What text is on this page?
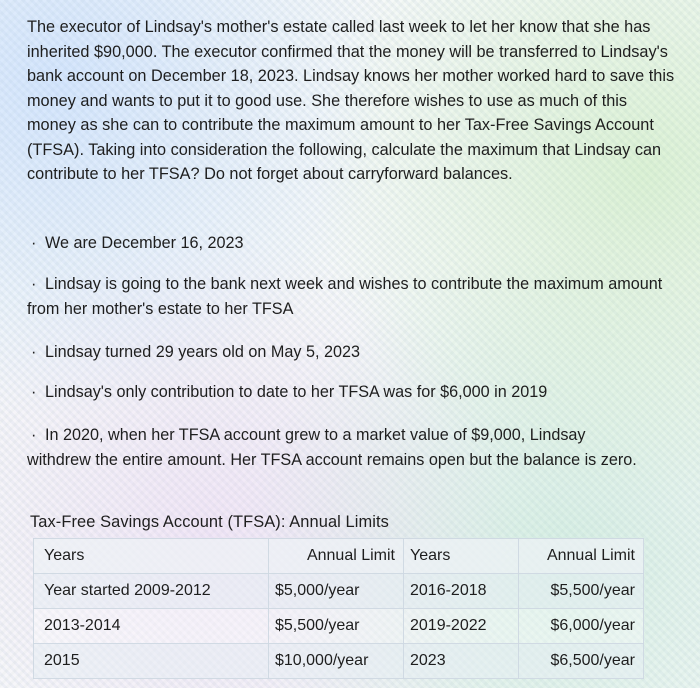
The executor of Lindsay's mother's estate called last week to let her know that she has inherited $90,000. The executor confirmed that the money will be transferred to Lindsay's bank account on December 18, 2023. Lindsay knows her mother worked hard to save this money and wants to put it to good use. She therefore wishes to use as much of this money as she can to contribute the maximum amount to her Tax-Free Savings Account (TFSA). Taking into consideration the following, calculate the maximum that Lindsay can contribute to her TFSA? Do not forget about carryforward balances.

· We are December 16, 2023

· Lindsay is going to the bank next week and wishes to contribute the maximum amount from her mother's estate to her TFSA

· Lindsay turned 29 years old on May 5, 2023

· Lindsay's only contribution to date to her TFSA was for $6,000 in 2019

· In 2020, when her TFSA account grew to a market value of $9,000, Lindsay withdrew the entire amount. Her TFSA account remains open but the balance is zero.

Tax-Free Savings Account (TFSA): Annual Limits

Years	Annual Limit	Years	Annual Limit
Year started 2009-2012	$5,000/year	2016-2018	$5,500/year
2013-2014	$5,500/year	2019-2022	$6,000/year
2015	$10,000/year	2023	$6,500/year
